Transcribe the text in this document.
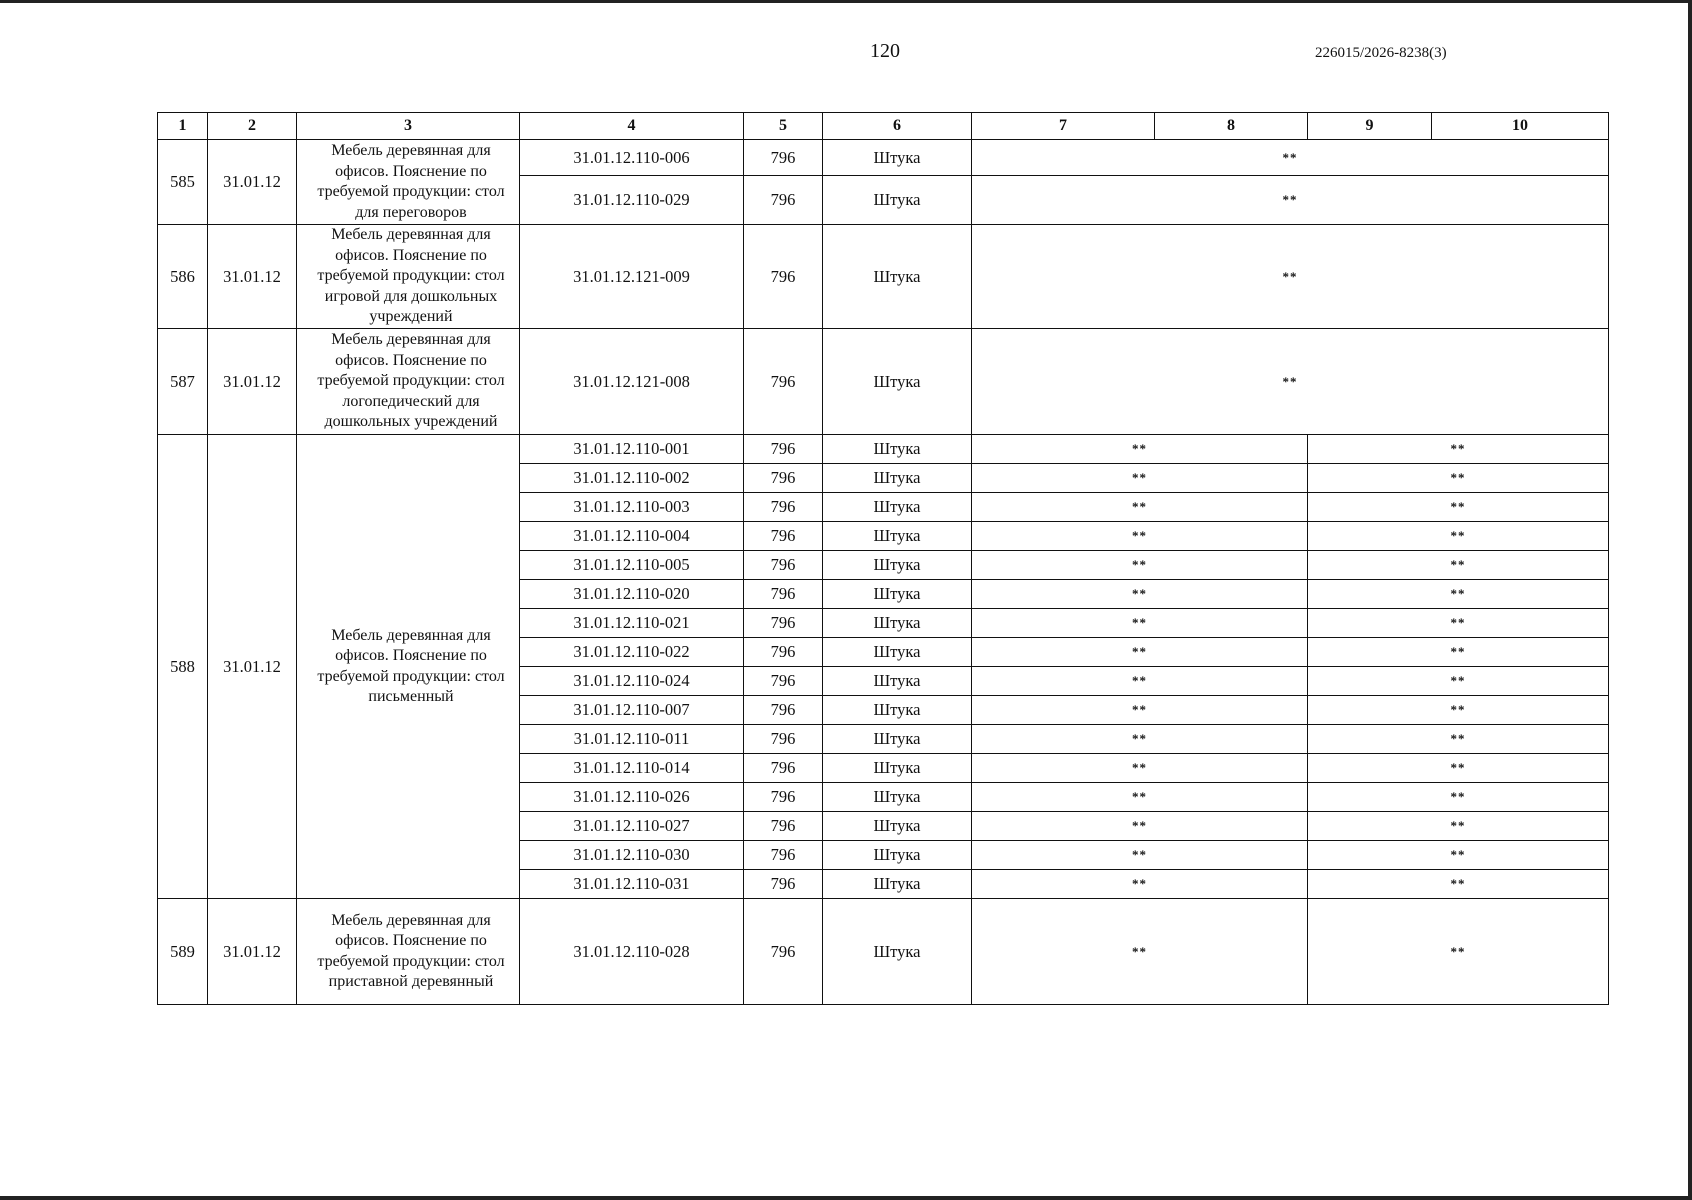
120	226015/2026-8238(3)
1	2	3	4	5	6	7	8	9	10
585	31.01.12	Мебель деревянная для офисов. Пояснение по требуемой продукции: стол для переговоров	31.01.12.110-006	796	Штука	**			
			31.01.12.110-029	796	Штука	**			
586	31.01.12	Мебель деревянная для офисов. Пояснение по требуемой продукции: стол игровой для дошкольных учреждений	31.01.12.121-009	796	Штука	**			
587	31.01.12	Мебель деревянная для офисов. Пояснение по требуемой продукции: стол логопедический для дошкольных учреждений	31.01.12.121-008	796	Штука	**			
588	31.01.12	Мебель деревянная для офисов. Пояснение по требуемой продукции: стол письменный	31.01.12.110-001	796	Штука	**		**	
			31.01.12.110-002	796	Штука	**		**	
			31.01.12.110-003	796	Штука	**		**	
			31.01.12.110-004	796	Штука	**		**	
			31.01.12.110-005	796	Штука	**		**	
			31.01.12.110-020	796	Штука	**		**	
			31.01.12.110-021	796	Штука	**		**	
			31.01.12.110-022	796	Штука	**		**	
			31.01.12.110-024	796	Штука	**		**	
			31.01.12.110-007	796	Штука	**		**	
			31.01.12.110-011	796	Штука	**		**	
			31.01.12.110-014	796	Штука	**		**	
			31.01.12.110-026	796	Штука	**		**	
			31.01.12.110-027	796	Штука	**		**	
			31.01.12.110-030	796	Штука	**		**	
			31.01.12.110-031	796	Штука	**		**	
589	31.01.12	Мебель деревянная для офисов. Пояснение по требуемой продукции: стол приставной деревянный	31.01.12.110-028	796	Штука	**		**	
